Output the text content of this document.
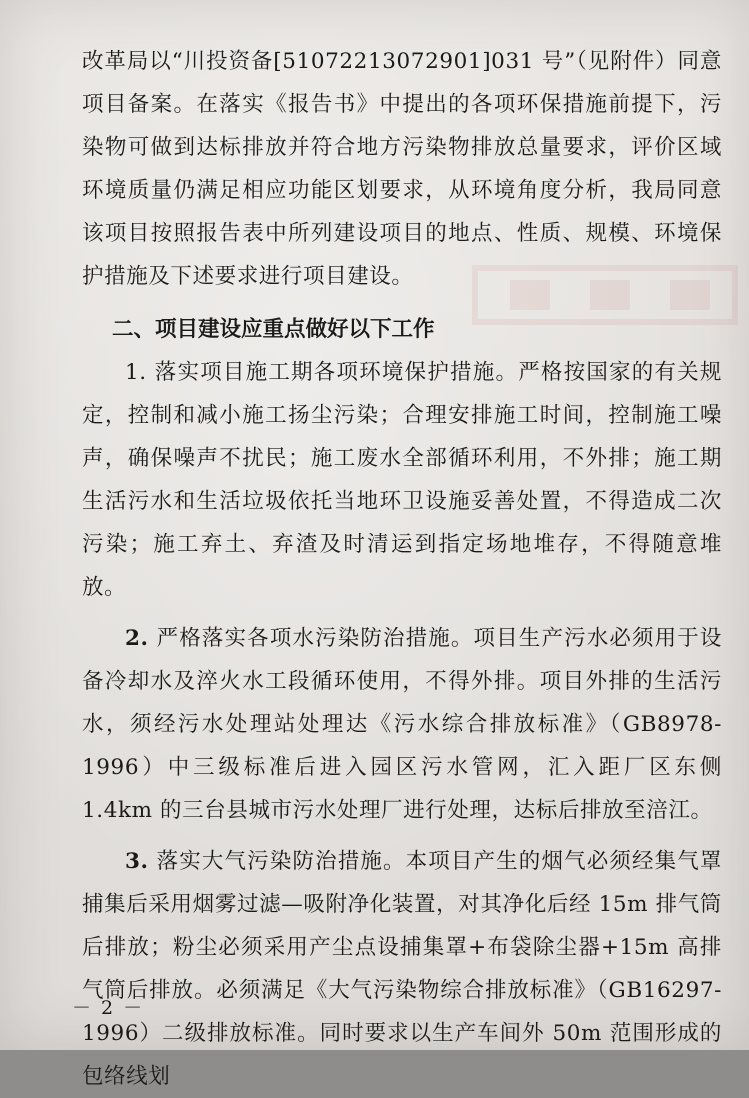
改革局以“川投资备[51072213072901]031 号”（见附件）同意项目备案。在落实《报告书》中提出的各项环保措施前提下，污染物可做到达标排放并符合地方污染物排放总量要求，评价区域环境质量仍满足相应功能区划要求，从环境角度分析，我局同意该项目按照报告表中所列建设项目的地点、性质、规模、环境保护措施及下述要求进行项目建设。

二、项目建设应重点做好以下工作

1. 落实项目施工期各项环境保护措施。严格按国家的有关规定，控制和减小施工扬尘污染；合理安排施工时间，控制施工噪声，确保噪声不扰民；施工废水全部循环利用，不外排；施工期生活污水和生活垃圾依托当地环卫设施妥善处置，不得造成二次污染；施工弃土、弃渣及时清运到指定场地堆存，不得随意堆放。

2. 严格落实各项水污染防治措施。项目生产污水必须用于设备冷却水及淬火水工段循环使用，不得外排。项目外排的生活污水，须经污水处理站处理达《污水综合排放标准》（GB8978-1996）中三级标准后进入园区污水管网，汇入距厂区东侧 1.4km 的三台县城市污水处理厂进行处理，达标后排放至涪江。

3. 落实大气污染防治措施。本项目产生的烟气必须经集气罩捕集后采用烟雾过滤—吸附净化装置，对其净化后经 15m 排气筒后排放；粉尘必须采用产尘点设捕集罩+布袋除尘器+15m 高排气筒后排放。必须满足《大气污染物综合排放标准》（GB16297-1996）二级排放标准。同时要求以生产车间外 50m 范围形成的包络线划

－ 2 －
